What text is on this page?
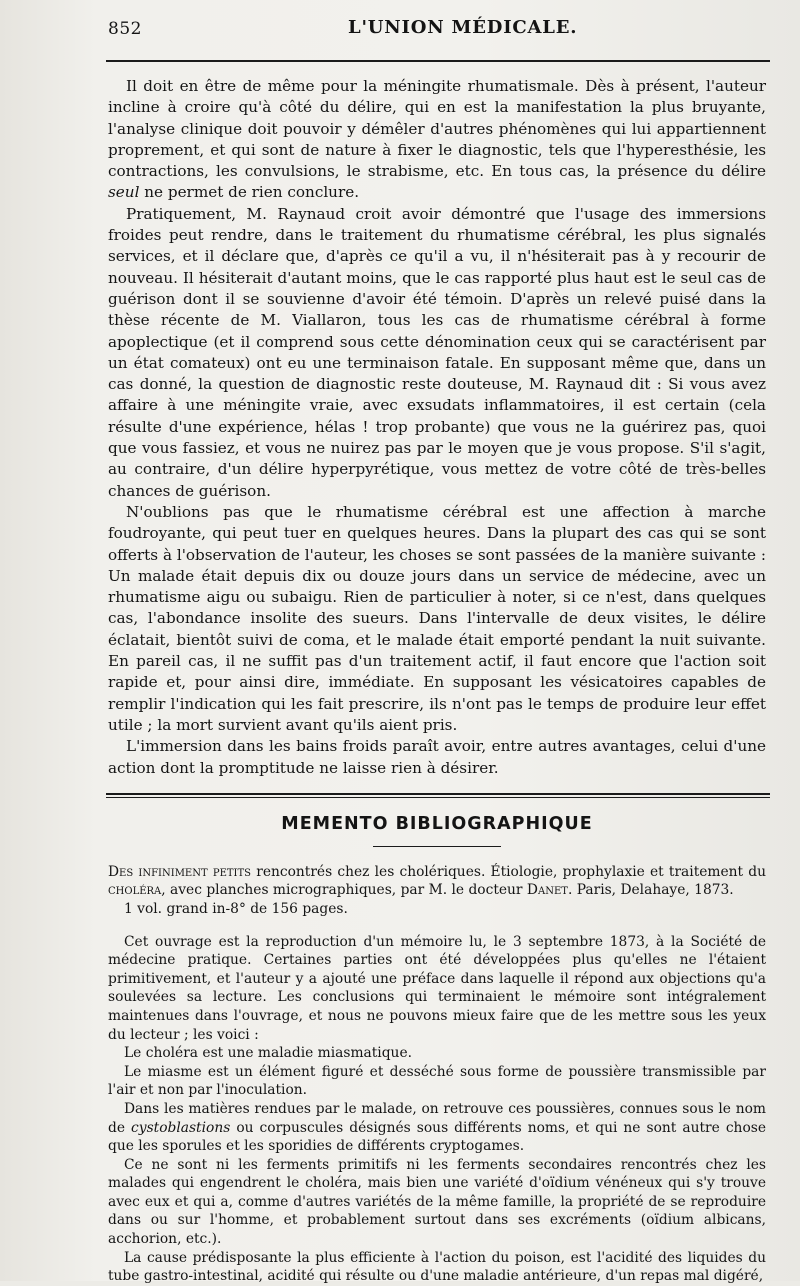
852	L'UNION MÉDICALE.

Il doit en être de même pour la méningite rhumatismale. Dès à présent, l'auteur incline à croire qu'à côté du délire, qui en est la manifestation la plus bruyante, l'analyse clinique doit pouvoir y démêler d'autres phénomènes qui lui appartiennent proprement, et qui sont de nature à fixer le diagnostic, tels que l'hyperesthésie, les contractions, les convulsions, le strabisme, etc. En tous cas, la présence du délire seul ne permet de rien conclure.

Pratiquement, M. Raynaud croit avoir démontré que l'usage des immersions froides peut rendre, dans le traitement du rhumatisme cérébral, les plus signalés services, et il déclare que, d'après ce qu'il a vu, il n'hésiterait pas à y recourir de nouveau. Il hésiterait d'autant moins, que le cas rapporté plus haut est le seul cas de guérison dont il se souvienne d'avoir été témoin. D'après un relevé puisé dans la thèse récente de M. Viallaron, tous les cas de rhumatisme cérébral à forme apoplectique (et il comprend sous cette dénomination ceux qui se caractérisent par un état comateux) ont eu une terminaison fatale. En supposant même que, dans un cas donné, la question de diagnostic reste douteuse, M. Raynaud dit : Si vous avez affaire à une méningite vraie, avec exsudats inflammatoires, il est certain (cela résulte d'une expérience, hélas ! trop probante) que vous ne la guérirez pas, quoi que vous fassiez, et vous ne nuirez pas par le moyen que je vous propose. S'il s'agit, au contraire, d'un délire hyperpyrétique, vous mettez de votre côté de très-belles chances de guérison.

N'oublions pas que le rhumatisme cérébral est une affection à marche foudroyante, qui peut tuer en quelques heures. Dans la plupart des cas qui se sont offerts à l'observation de l'auteur, les choses se sont passées de la manière suivante : Un malade était depuis dix ou douze jours dans un service de médecine, avec un rhumatisme aigu ou subaigu. Rien de particulier à noter, si ce n'est, dans quelques cas, l'abondance insolite des sueurs. Dans l'intervalle de deux visites, le délire éclatait, bientôt suivi de coma, et le malade était emporté pendant la nuit suivante. En pareil cas, il ne suffit pas d'un traitement actif, il faut encore que l'action soit rapide et, pour ainsi dire, immédiate. En supposant les vésicatoires capables de remplir l'indication qui les fait prescrire, ils n'ont pas le temps de produire leur effet utile ; la mort survient avant qu'ils aient pris.

L'immersion dans les bains froids paraît avoir, entre autres avantages, celui d'une action dont la promptitude ne laisse rien à désirer.

MEMENTO BIBLIOGRAPHIQUE

Des infiniment petits rencontrés chez les cholériques. Étiologie, prophylaxie et traitement du choléra, avec planches micrographiques, par M. le docteur Danet. Paris, Delahaye, 1873.
1 vol. grand in-8° de 156 pages.

Cet ouvrage est la reproduction d'un mémoire lu, le 3 septembre 1873, à la Société de médecine pratique. Certaines parties ont été développées plus qu'elles ne l'étaient primitivement, et l'auteur y a ajouté une préface dans laquelle il répond aux objections qu'a soulevées sa lecture. Les conclusions qui terminaient le mémoire sont intégralement maintenues dans l'ouvrage, et nous ne pouvons mieux faire que de les mettre sous les yeux du lecteur ; les voici :

Le choléra est une maladie miasmatique.

Le miasme est un élément figuré et desséché sous forme de poussière transmissible par l'air et non par l'inoculation.

Dans les matières rendues par le malade, on retrouve ces poussières, connues sous le nom de cystoblastions ou corpuscules désignés sous différents noms, et qui ne sont autre chose que les sporules et les sporidies de différents cryptogames.

Ce ne sont ni les ferments primitifs ni les ferments secondaires rencontrés chez les malades qui engendrent le choléra, mais bien une variété d'oïdium vénéneux qui s'y trouve avec eux et qui a, comme d'autres variétés de la même famille, la propriété de se reproduire dans ou sur l'homme, et probablement surtout dans ses excréments (oïdium albicans, acchorion, etc.).

La cause prédisposante la plus efficiente à l'action du poison, est l'acidité des liquides du tube gastro-intestinal, acidité qui résulte ou d'une maladie antérieure, d'un repas mal digéré,
